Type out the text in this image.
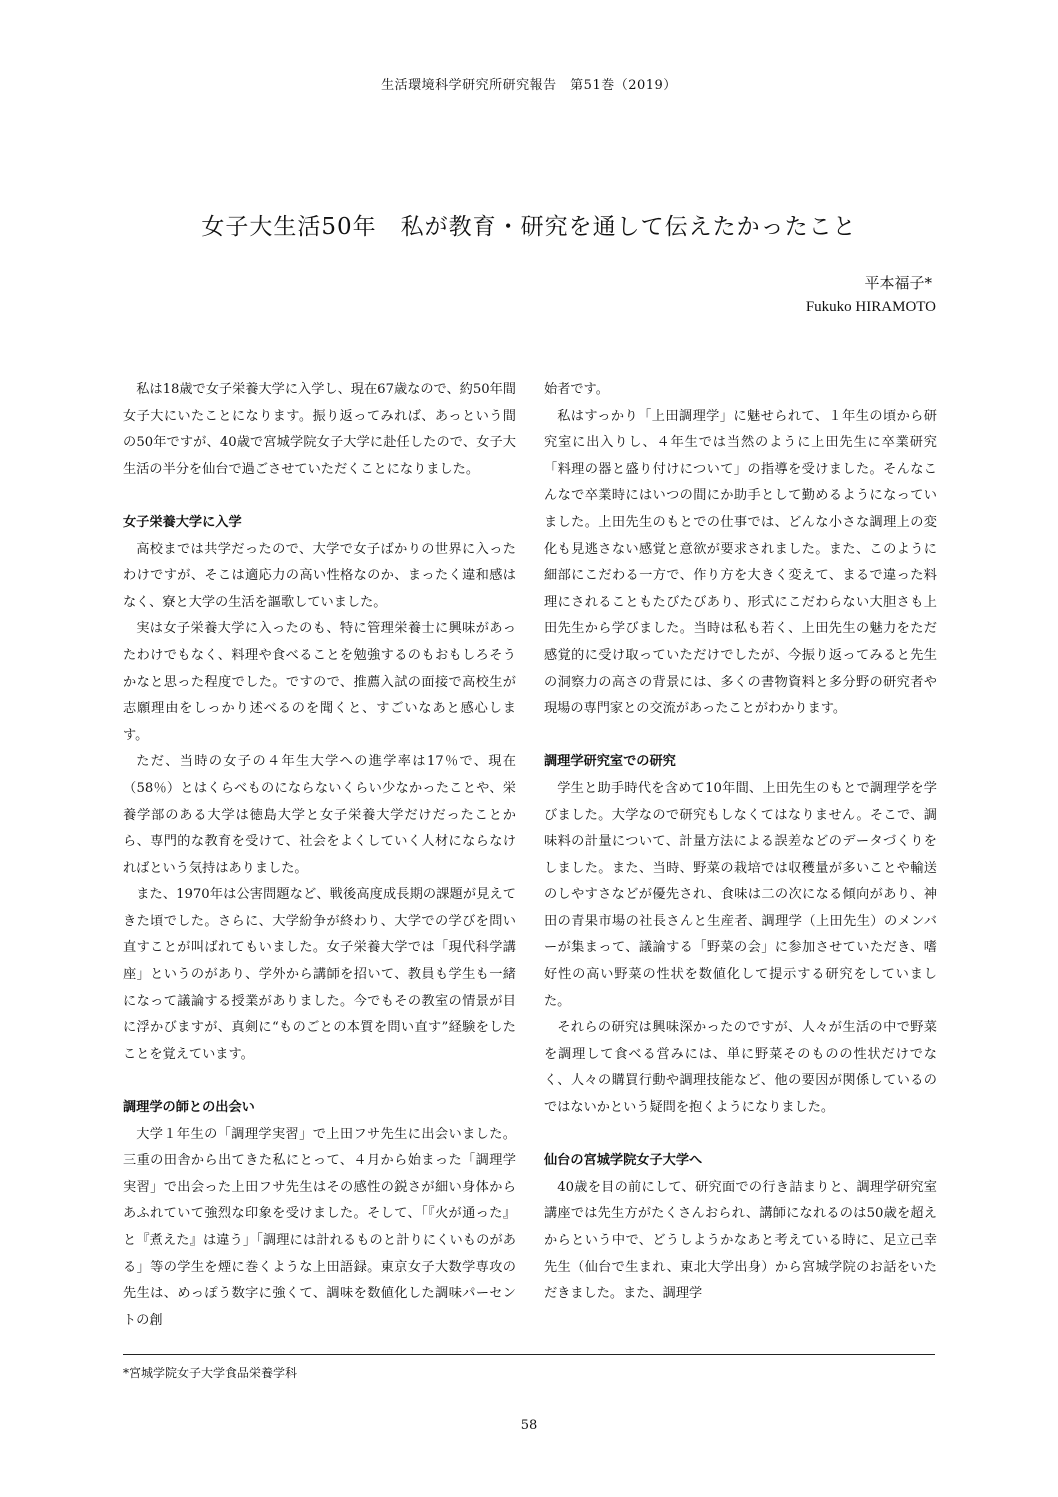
生活環境科学研究所研究報告　第51巻（2019）
女子大生活50年　私が教育・研究を通して伝えたかったこと
平本福子*
Fukuko HIRAMOTO

私は18歳で女子栄養大学に入学し、現在67歳なので、約50年間女子大にいたことになります。振り返ってみれば、あっという間の50年ですが、40歳で宮城学院女子大学に赴任したので、女子大生活の半分を仙台で過ごさせていただくことになりました。

女子栄養大学に入学

高校までは共学だったので、大学で女子ばかりの世界に入ったわけですが、そこは適応力の高い性格なのか、まったく違和感はなく、寮と大学の生活を謳歌していました。

実は女子栄養大学に入ったのも、特に管理栄養士に興味があったわけでもなく、料理や食べることを勉強するのもおもしろそうかなと思った程度でした。ですので、推薦入試の面接で高校生が志願理由をしっかり述べるのを聞くと、すごいなあと感心します。

ただ、当時の女子の４年生大学への進学率は17％で、現在（58％）とはくらべものにならないくらい少なかったことや、栄養学部のある大学は徳島大学と女子栄養大学だけだったことから、専門的な教育を受けて、社会をよくしていく人材にならなければという気持はありました。

また、1970年は公害問題など、戦後高度成長期の課題が見えてきた頃でした。さらに、大学紛争が終わり、大学での学びを問い直すことが叫ばれてもいました。女子栄養大学では「現代科学講座」というのがあり、学外から講師を招いて、教員も学生も一緒になって議論する授業がありました。今でもその教室の情景が目に浮かびますが、真剣に“ものごとの本質を問い直す”経験をしたことを覚えています。

調理学の師との出会い

大学１年生の「調理学実習」で上田フサ先生に出会いました。三重の田舎から出てきた私にとって、４月から始まった「調理学実習」で出会った上田フサ先生はその感性の鋭さが細い身体からあふれていて強烈な印象を受けました。そして、「『火が通った』と『煮えた』は違う」「調理には計れるものと計りにくいものがある」等の学生を煙に巻くような上田語録。東京女子大数学専攻の先生は、めっぽう数字に強くて、調味を数値化した調味パーセントの創

始者です。

私はすっかり「上田調理学」に魅せられて、１年生の頃から研究室に出入りし、４年生では当然のように上田先生に卒業研究「料理の器と盛り付けについて」の指導を受けました。そんなこんなで卒業時にはいつの間にか助手として勤めるようになっていました。上田先生のもとでの仕事では、どんな小さな調理上の変化も見逃さない感覚と意欲が要求されました。また、このように細部にこだわる一方で、作り方を大きく変えて、まるで違った料理にされることもたびたびあり、形式にこだわらない大胆さも上田先生から学びました。当時は私も若く、上田先生の魅力をただ感覚的に受け取っていただけでしたが、今振り返ってみると先生の洞察力の高さの背景には、多くの書物資料と多分野の研究者や現場の専門家との交流があったことがわかります。

調理学研究室での研究

学生と助手時代を含めて10年間、上田先生のもとで調理学を学びました。大学なので研究もしなくてはなりません。そこで、調味料の計量について、計量方法による誤差などのデータづくりをしました。また、当時、野菜の栽培では収穫量が多いことや輸送のしやすさなどが優先され、食味は二の次になる傾向があり、神田の青果市場の社長さんと生産者、調理学（上田先生）のメンバーが集まって、議論する「野菜の会」に参加させていただき、嗜好性の高い野菜の性状を数値化して提示する研究をしていました。

それらの研究は興味深かったのですが、人々が生活の中で野菜を調理して食べる営みには、単に野菜そのものの性状だけでなく、人々の購買行動や調理技能など、他の要因が関係しているのではないかという疑問を抱くようになりました。

仙台の宮城学院女子大学へ

40歳を目の前にして、研究面での行き詰まりと、調理学研究室講座では先生方がたくさんおられ、講師になれるのは50歳を超えからという中で、どうしようかなあと考えている時に、足立己幸先生（仙台で生まれ、東北大学出身）から宮城学院のお話をいただきました。また、調理学

*宮城学院女子大学食品栄養学科
58
